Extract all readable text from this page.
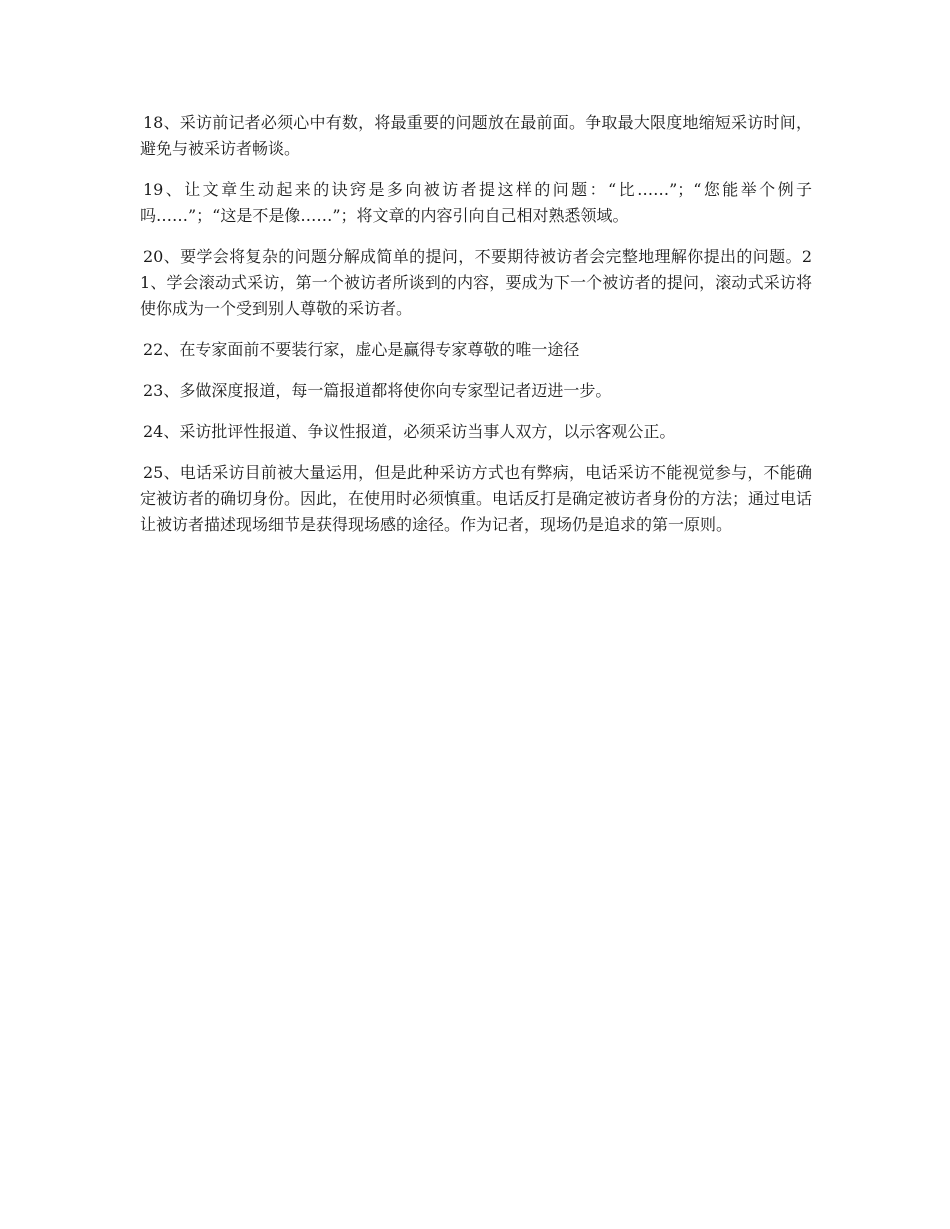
18、采访前记者必须心中有数，将最重要的问题放在最前面。争取最大限度地缩短采访时间，避免与被采访者畅谈。

19、让文章生动起来的诀窍是多向被访者提这样的问题：“比……”；“您能举个例子吗……”；“这是不是像……”；将文章的内容引向自己相对熟悉领域。

20、要学会将复杂的问题分解成简单的提问，不要期待被访者会完整地理解你提出的问题。21、学会滚动式采访，第一个被访者所谈到的内容，要成为下一个被访者的提问，滚动式采访将使你成为一个受到别人尊敬的采访者。

22、在专家面前不要装行家，虚心是赢得专家尊敬的唯一途径

23、多做深度报道，每一篇报道都将使你向专家型记者迈进一步。

24、采访批评性报道、争议性报道，必须采访当事人双方，以示客观公正。

25、电话采访目前被大量运用，但是此种采访方式也有弊病，电话采访不能视觉参与，不能确定被访者的确切身份。因此，在使用时必须慎重。电话反打是确定被访者身份的方法；通过电话让被访者描述现场细节是获得现场感的途径。作为记者，现场仍是追求的第一原则。
